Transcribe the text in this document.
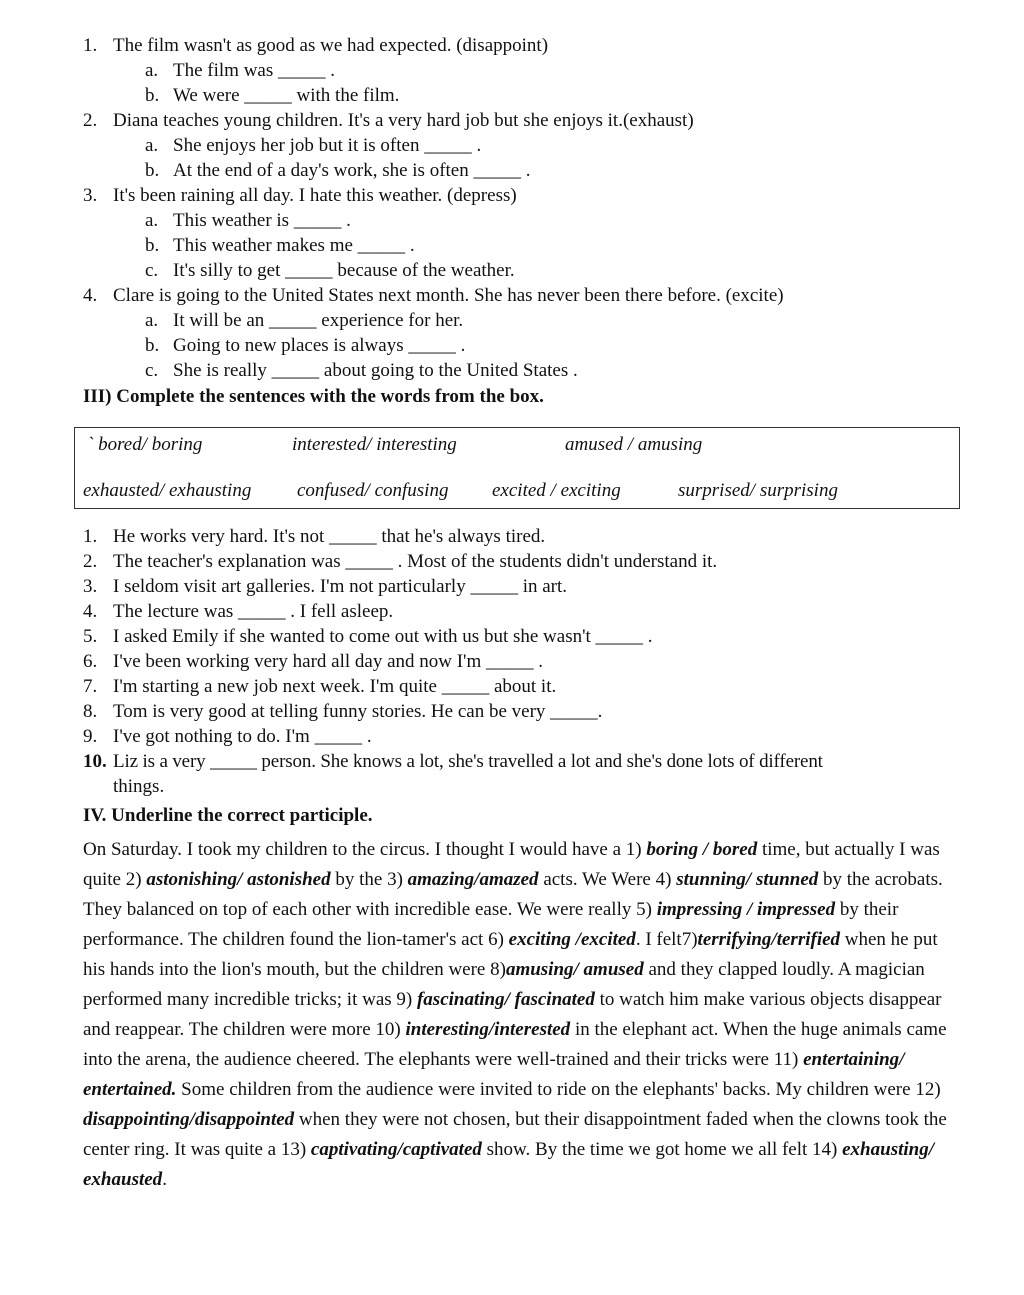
1. The film wasn't as good as we had expected. (disappoint)
a. The film was _____ .
b. We were _____ with the film.
2. Diana teaches young children. It's a very hard job but she enjoys it.(exhaust)
a. She enjoys her job but it is often _____ .
b. At the end of a day's work, she is often _____ .
3. It's been raining all day. I hate this weather. (depress)
a. This weather is _____ .
b. This weather makes me _____ .
c. It's silly to get _____ because of the weather.
4. Clare is going to the United States next month. She has never been there before. (excite)
a. It will be an _____ experience for her.
b. Going to new places is always _____ .
c. She is really _____ about going to the United States .
III) Complete the sentences with the words from the box.
` bored/ boring	interested/ interesting	amused / amusing
exhausted/ exhausting confused/ confusing excited / exciting	surprised/ surprising
1. He works very hard. It's not _____ that he's always tired.
2. The teacher's explanation was _____ . Most of the students didn't understand it.
3. I seldom visit art galleries. I'm not particularly _____ in art.
4. The lecture was _____ . I fell asleep.
5. I asked Emily if she wanted to come out with us but she wasn't _____ .
6. I've been working very hard all day and now I'm _____ .
7. I'm starting a new job next week. I'm quite _____ about it.
8. Tom is very good at telling funny stories. He can be very _____.
9. I've got nothing to do. I'm _____ .
10. Liz is a very _____ person. She knows a lot, she's travelled a lot and she's done lots of different
things.
IV. Underline the correct participle.
On Saturday. I took my children to the circus. I thought I would have a 1) boring / bored time, but actually I was quite 2) astonishing/ astonished by the 3) amazing/amazed acts. We Were 4) stunning/ stunned by the acrobats. They balanced on top of each other with incredible ease. We were really 5) impressing / impressed by their performance. The children found the lion-tamer's act 6) exciting /excited. I felt7)terrifying/terrified when he put his hands into the lion's mouth, but the children were 8)amusing/ amused and they clapped loudly. A magician performed many incredible tricks; it was 9) fascinating/ fascinated to watch him make various objects disappear and reappear. The children were more 10) interesting/interested in the elephant act. When the huge animals came into the arena, the audience cheered. The elephants were well-trained and their tricks were 11) entertaining/ entertained. Some children from the audience were invited to ride on the elephants' backs. My children were 12) disappointing/disappointed when they were not chosen, but their disappointment faded when the clowns took the center ring. It was quite a 13) captivating/captivated show. By the time we got home we all felt 14) exhausting/ exhausted.
